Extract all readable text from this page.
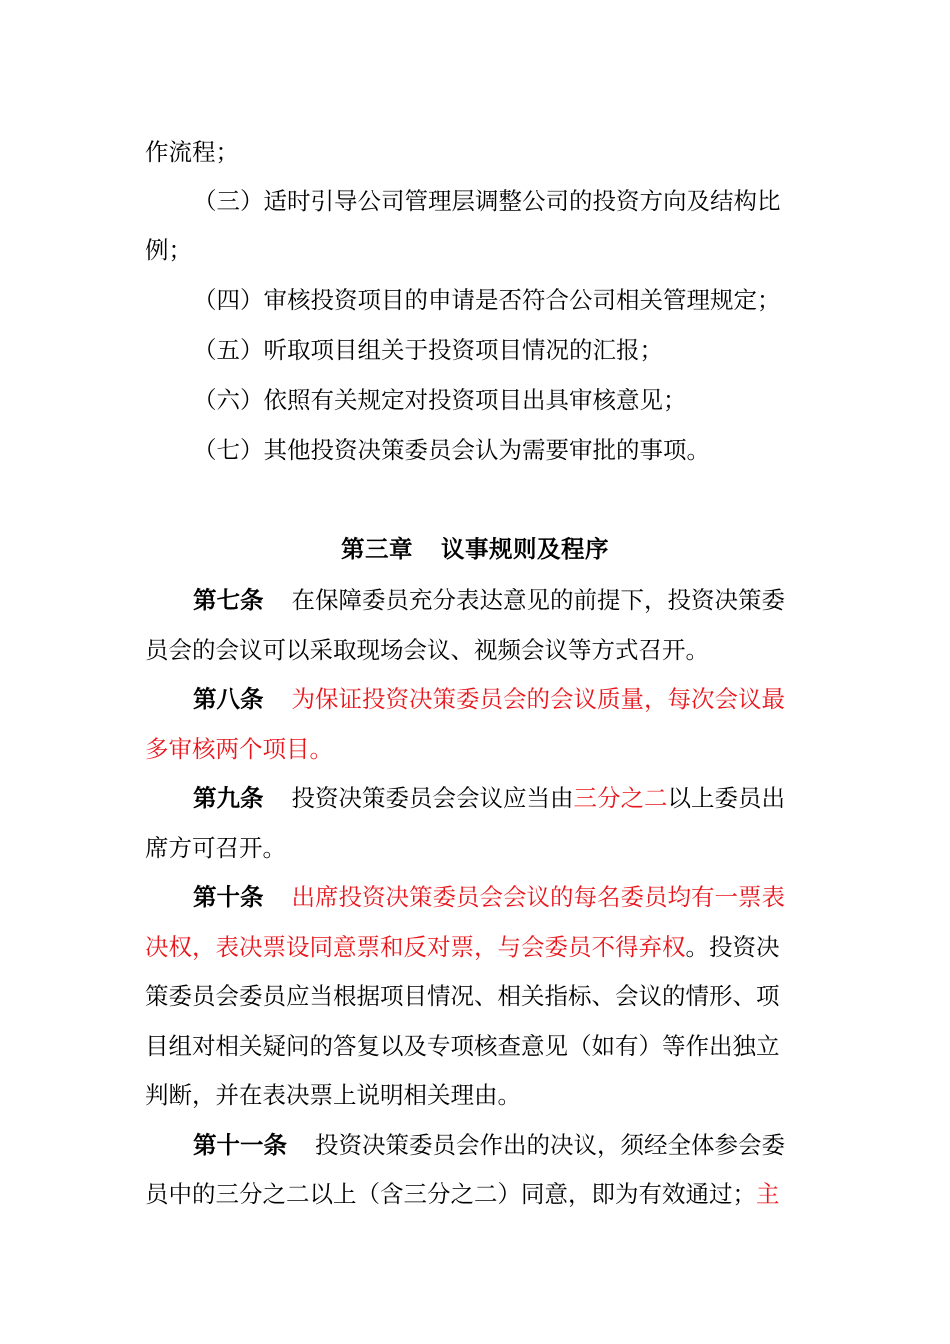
作流程；
（三）适时引导公司管理层调整公司的投资方向及结构比
例；
（四）审核投资项目的申请是否符合公司相关管理规定；
（五）听取项目组关于投资项目情况的汇报；
（六）依照有关规定对投资项目出具审核意见；
（七）其他投资决策委员会认为需要审批的事项。
第三章 议事规则及程序
第七条 在保障委员充分表达意见的前提下，投资决策委
员会的会议可以采取现场会议、视频会议等方式召开。
第八条 为保证投资决策委员会的会议质量，每次会议最
多审核两个项目。
第九条 投资决策委员会会议应当由三分之二以上委员出
席方可召开。
第十条 出席投资决策委员会会议的每名委员均有一票表
决权，表决票设同意票和反对票，与会委员不得弃权。投资决
策委员会委员应当根据项目情况、相关指标、会议的情形、项
目组对相关疑问的答复以及专项核查意见（如有）等作出独立
判断，并在表决票上说明相关理由。
第十一条 投资决策委员会作出的决议，须经全体参会委
员中的三分之二以上（含三分之二）同意，即为有效通过；主
